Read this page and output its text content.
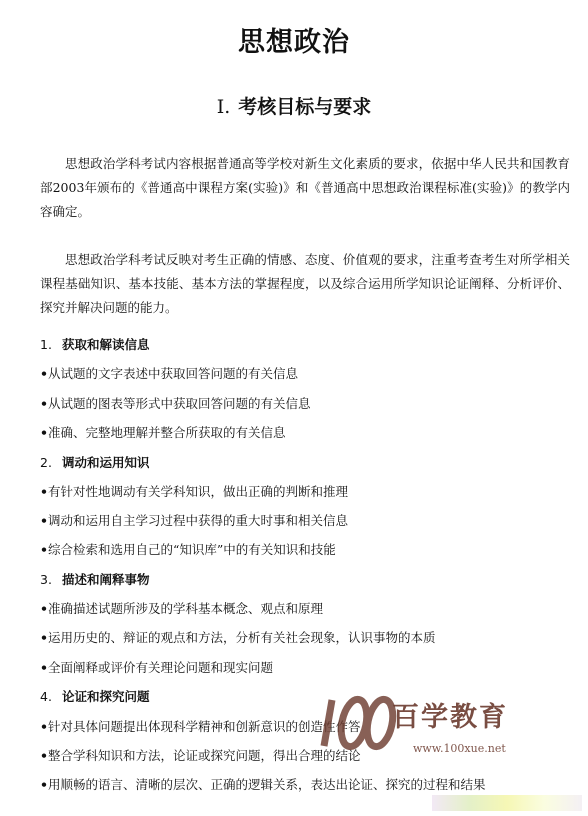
思想政治
Ⅰ. 考核目标与要求
思想政治学科考试内容根据普通高等学校对新生文化素质的要求，依据中华人民共和国教育部2003年颁布的《普通高中课程方案(实验)》和《普通高中思想政治课程标准(实验)》的教学内容确定。
思想政治学科考试反映对考生正确的情感、态度、价值观的要求，注重考查考生对所学相关课程基础知识、基本技能、基本方法的掌握程度，以及综合运用所学知识论证阐释、分析评价、探究并解决问题的能力。
1. 获取和解读信息
•从试题的文字表述中获取回答问题的有关信息
•从试题的图表等形式中获取回答问题的有关信息
•准确、完整地理解并整合所获取的有关信息
2. 调动和运用知识
•有针对性地调动有关学科知识，做出正确的判断和推理
•调动和运用自主学习过程中获得的重大时事和相关信息
•综合检索和选用自己的“知识库”中的有关知识和技能
3. 描述和阐释事物
•准确描述试题所涉及的学科基本概念、观点和原理
•运用历史的、辩证的观点和方法，分析有关社会现象，认识事物的本质
•全面阐释或评价有关理论问题和现实问题
4. 论证和探究问题
•针对具体问题提出体现科学精神和创新意识的创造性作答
•整合学科知识和方法，论证或探究问题，得出合理的结论
•用顺畅的语言、清晰的层次、正确的逻辑关系，表达出论证、探究的过程和结果
百学教育
www.100xue.net
